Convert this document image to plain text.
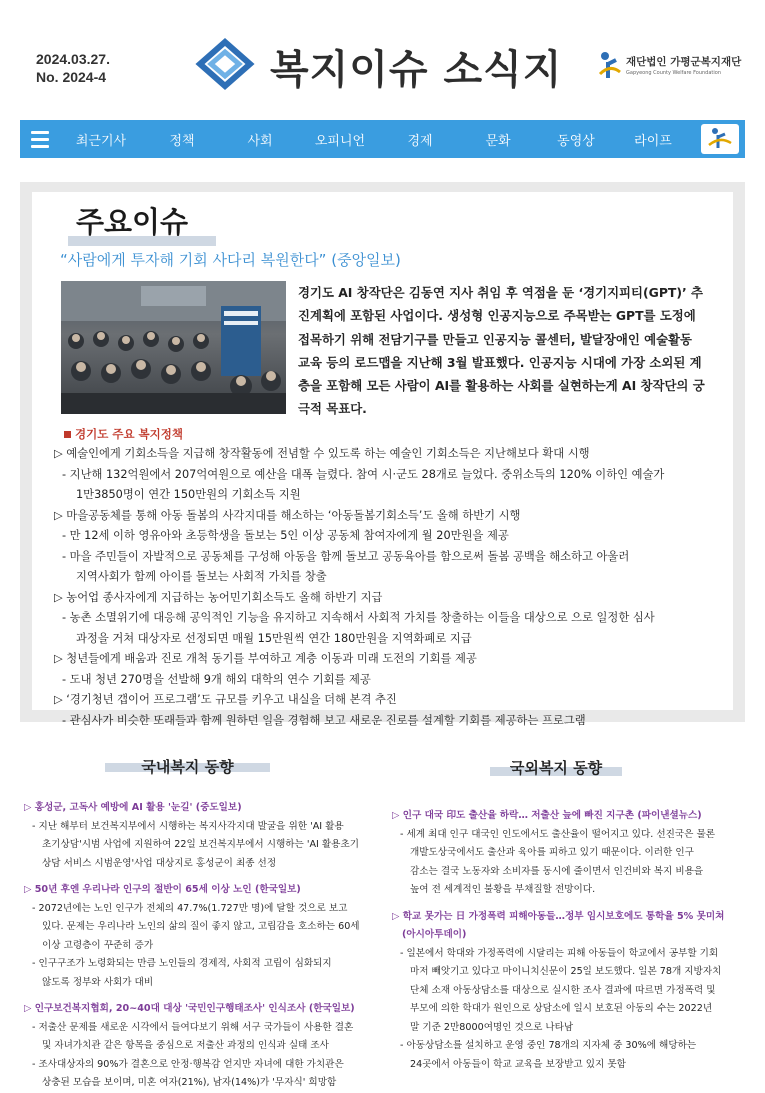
2024.03.27.
No. 2024-4	복지이슈 소식지	재단법인 가평군복지재단
Gapyeong County Welfare Foundation
최근기사	정책	사회	오피니언	경제	문화	동영상	라이프
주요이슈
“사람에게 투자해 기회 사다리 복원한다” (중앙일보)
경기도 AI 창작단은 김동연 지사 취임 후 역점을 둔 ‘경기지피티(GPT)’ 추
진계획에 포함된 사업이다. 생성형 인공지능으로 주목받는 GPT를 도정에
접목하기 위해 전담기구를 만들고 인공지능 콜센터, 발달장애인 예술활동
교육 등의 로드맵을 지난해 3월 발표했다. 인공지능 시대에 가장 소외된 계
층을 포함해 모든 사람이 AI를 활용하는 사회를 실현하는게 AI 창작단의 궁
극적 목표다.
경기도 주요 복지정책
▷ 예술인에게 기회소득을 지급해 창작활동에 전념할 수 있도록 하는 예술인 기회소득은 지난해보다 확대 시행
- 지난해 132억원에서 207억여원으로 예산을 대폭 늘렸다. 참여 시·군도 28개로 늘었다. 중위소득의 120% 이하인 예술가
1만3850명이 연간 150만원의 기회소득 지원
▷ 마을공동체를 통해 아동 돌봄의 사각지대를 해소하는 ‘아동돌봄기회소득’도 올해 하반기 시행
- 만 12세 이하 영유아와 초등학생을 돌보는 5인 이상 공동체 참여자에게 월 20만원을 제공
- 마을 주민들이 자발적으로 공동체를 구성해 아동을 함께 돌보고 공동육아를 함으로써 돌봄 공백을 해소하고 아울러
지역사회가 함께 아이를 돌보는 사회적 가치를 창출
▷ 농어업 종사자에게 지급하는 농어민기회소득도 올해 하반기 지급
- 농촌 소멸위기에 대응해 공익적인 기능을 유지하고 지속해서 사회적 가치를 창출하는 이들을 대상으로 으로 일정한 심사
과정을 거쳐 대상자로 선정되면 매월 15만원씩 연간 180만원을 지역화폐로 지급
▷ 청년들에게 배움과 진로 개척 동기를 부여하고 계층 이동과 미래 도전의 기회를 제공
- 도내 청년 270명을 선발해 9개 해외 대학의 연수 기회를 제공
▷ ‘경기청년 갭이어 프로그램’도 규모를 키우고 내실을 더해 본격 추진
- 관심사가 비슷한 또래들과 함께 원하던 일을 경험해 보고 새로운 진로를 설계할 기회를 제공하는 프로그램
국내복지 동향
▷ 홍성군, 고독사 예방에 AI 활용 '눈길' (중도일보)
- 지난 해부터 보건복지부에서 시행하는 복지사각지대 발굴을 위한 'AI 활용
초기상담'시범 사업에 지원하여 22일 보건복지부에서 시행하는 'AI 활용초기
상담 서비스 시범운영'사업 대상지로 홍성군이 최종 선정
▷ 50년 후엔 우리나라 인구의 절반이 65세 이상 노인 (한국일보)
- 2072년에는 노인 인구가 전체의 47.7%(1.727만 명)에 달할 것으로 보고
있다. 문제는 우리나라 노인의 삶의 질이 좋지 않고, 고립감을 호소하는 60세
이상 고령층이 꾸준히 증가
- 인구구조가 노령화되는 만큼 노인들의 경제적, 사회적 고립이 심화되지
않도록 정부와 사회가 대비
▷ 인구보건복지협회, 20~40대 대상 '국민인구행태조사' 인식조사 (한국일보)
- 저출산 문제를 새로운 시각에서 들여다보기 위해 서구 국가들이 사용한 결혼
및 자녀가치관 같은 항목을 중심으로 저출산 과정의 인식과 실태 조사
- 조사대상자의 90%가 결혼으로 안정·행복감 얻지만 자녀에 대한 가치관은
상충된 모습을 보이며, 미혼 여자(21%), 남자(14%)가 '무자식' 희망함
국외복지 동향
▷ 인구 대국 印도 출산율 하락… 저출산 늪에 빠진 지구촌 (파이낸셜뉴스)
- 세계 최대 인구 대국인 인도에서도 출산율이 떨어지고 있다. 선진국은 물론
개발도상국에서도 출산과 육아를 피하고 있기 때문이다. 이러한 인구
감소는 결국 노동자와 소비자를 동시에 줄이면서 인건비와 복지 비용을
높여 전 세계적인 불황을 부채질할 전망이다.
▷ 학교 못가는 日 가정폭력 피해아동들…정부 임시보호에도 통학율 5% 못미쳐
(아시아투데이)
- 일본에서 학대와 가정폭력에 시달리는 피해 아동들이 학교에서 공부할 기회
마저 빼앗기고 있다고 마이니치신문이 25일 보도했다. 일본 78개 지방자치
단체 소재 아동상담소를 대상으로 실시한 조사 결과에 따르면 가정폭력 및
부모에 의한 학대가 원인으로 상담소에 일시 보호된 아동의 수는 2022년
말 기준 2만8000여명인 것으로 나타남
- 아동상담소를 설치하고 운영 중인 78개의 지자체 중 30%에 해당하는
24곳에서 아동들이 학교 교육을 보장받고 있지 못함
